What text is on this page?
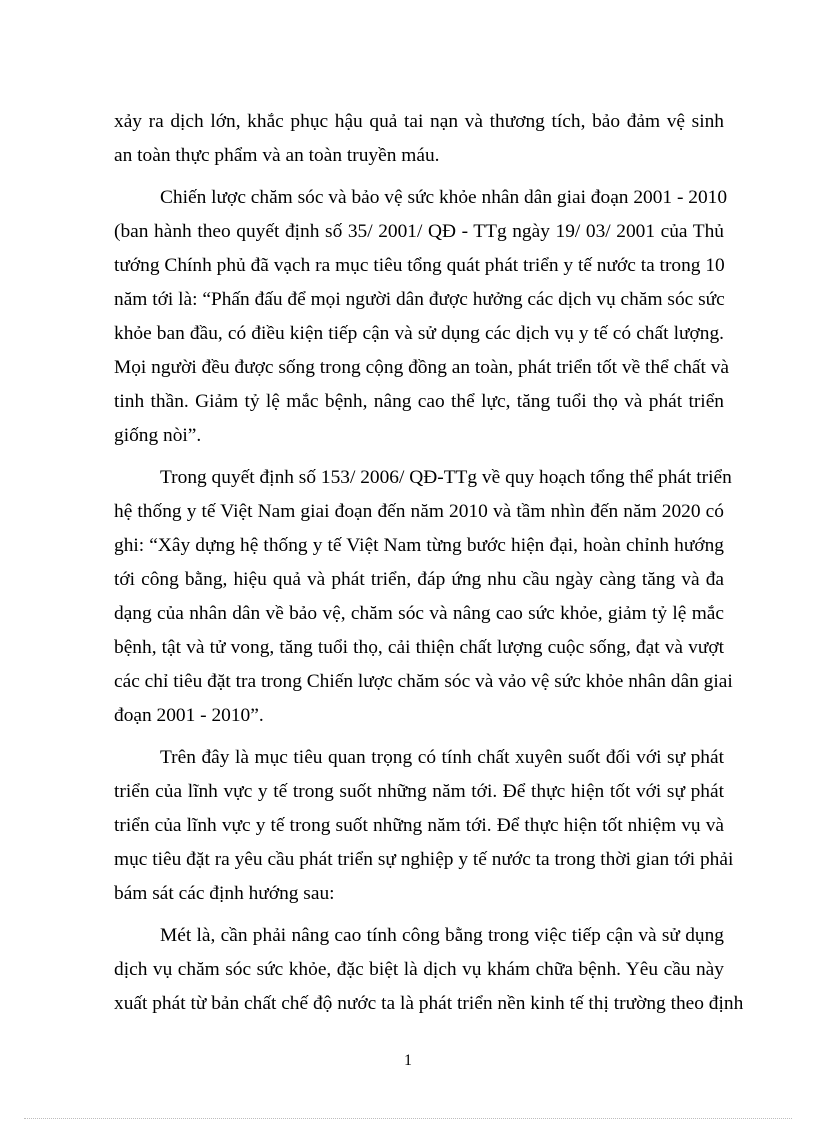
xảy ra dịch lớn, khắc phục hậu quả tai nạn và thương tích, bảo đảm vệ sinh
an toàn thực phẩm và an toàn truyền máu.
Chiến lược chăm sóc và bảo vệ sức khỏe nhân dân giai đoạn 2001 - 2010
(ban hành theo quyết định số 35/ 2001/ QĐ - TTg ngày 19/ 03/ 2001 của Thủ
tướng Chính phủ đã vạch ra mục tiêu tổng quát phát triển y tế nước ta trong 10
năm tới là: “Phấn đấu để mọi người dân được hưởng các dịch vụ chăm sóc sức
khỏe ban đầu, có điều kiện tiếp cận và sử dụng các dịch vụ y tế có chất lượng.
Mọi người đều được sống trong cộng đồng an toàn, phát triển tốt về thể chất và
tinh thần. Giảm tỷ lệ mắc bệnh, nâng cao thể lực, tăng tuổi thọ và phát triển
giống nòi”.
Trong quyết định số 153/ 2006/ QĐ-TTg về quy hoạch tổng thể phát triển
hệ thống y tế Việt Nam giai đoạn đến năm 2010 và tầm nhìn đến năm 2020 có
ghi: “Xây dựng hệ thống y tế Việt Nam từng bước hiện đại, hoàn chỉnh hướng
tới công bằng, hiệu quả và phát triển, đáp ứng nhu cầu ngày càng tăng và đa
dạng của nhân dân về bảo vệ, chăm sóc và nâng cao sức khỏe, giảm tỷ lệ mắc
bệnh, tật và tử vong, tăng tuổi thọ, cải thiện chất lượng cuộc sống, đạt và vượt
các chỉ tiêu đặt tra trong Chiến lược chăm sóc và vảo vệ sức khỏe nhân dân giai
đoạn 2001 - 2010”.
Trên đây là mục tiêu quan trọng có tính chất xuyên suốt đối với sự phát
triển của lĩnh vực y tế trong suốt những năm tới. Để thực hiện tốt với sự phát
triển của lĩnh vực y tế trong suốt những năm tới. Để thực hiện tốt nhiệm vụ và
mục tiêu đặt ra yêu cầu phát triển sự nghiệp y tế nước ta trong thời gian tới phải
bám sát các định hướng sau:
Mét là, cần phải nâng cao tính công bằng trong việc tiếp cận và sử dụng
dịch vụ chăm sóc sức khỏe, đặc biệt là dịch vụ khám chữa bệnh. Yêu cầu này
xuất phát từ bản chất chế độ nước ta là phát triển nền kinh tế thị trường theo định
1
